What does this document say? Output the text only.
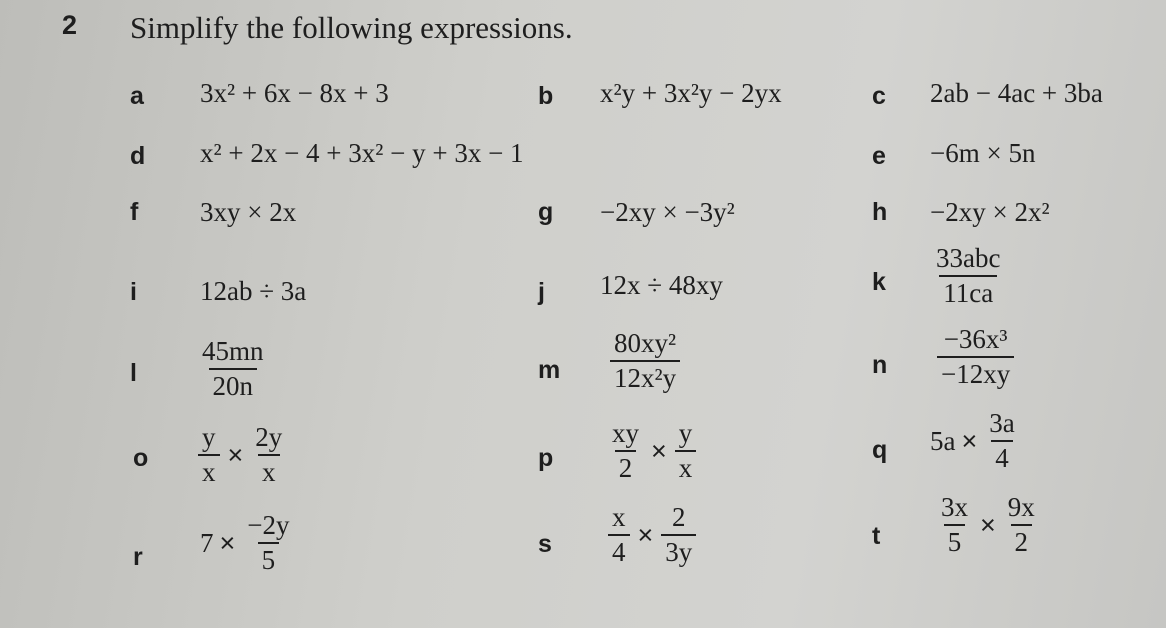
2 Simplify the following expressions.
a 3x² + 6x − 8x + 3	b x²y + 3x²y − 2yx	c 2ab − 4ac + 3ba
d x² + 2x − 4 + 3x² − y + 3x − 1	e −6m × 5n
f 3xy × 2x	g −2xy × −3y²	h −2xy × 2x²
i 12ab ÷ 3a	j 12x ÷ 48xy	k $\frac{\text{33abc}}{11ca}$
l $\frac{45mn}{20n}$	m $\frac{\text{80xy²}}{\text{12x²y}}$	n $\frac{\text{−36x³}}{-12xy}$
o $\frac{y}{x} \times \frac{2y}{x}$	p $\frac{xy}{2} \times \frac{y}{x}$	q $5a \times \frac{3a}{4}$
r $7 \times \frac{-2y}{5}$	s $\frac{x}{4} \times \frac{2}{3y}$	t $\frac{3x}{5} \times \frac{9x}{2}$
